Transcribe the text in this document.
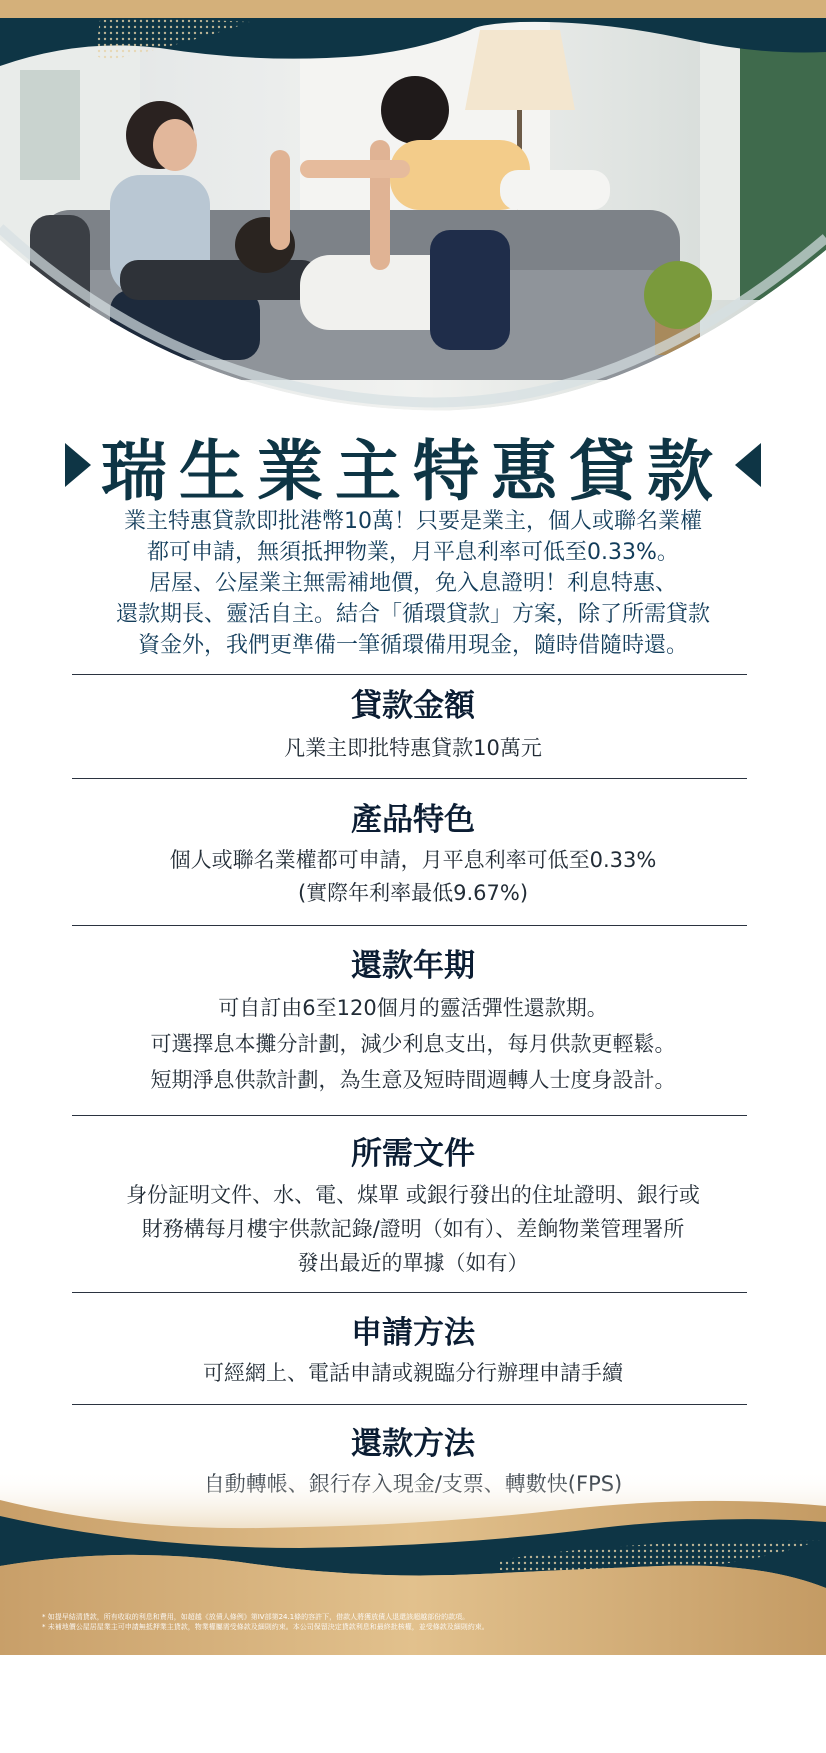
瑞生業主特惠貸款
業主特惠貸款即批港幣10萬！只要是業主，個人或聯名業權
都可申請，無須抵押物業，月平息利率可低至0.33%。
居屋、公屋業主無需補地價，免入息證明！利息特惠、
還款期長、靈活自主。結合「循環貸款」方案，除了所需貸款
資金外，我們更準備一筆循環備用現金，隨時借隨時還。
貸款金額
凡業主即批特惠貸款10萬元
產品特色
個人或聯名業權都可申請，月平息利率可低至0.33%
(實際年利率最低9.67%)
還款年期
可自訂由6至120個月的靈活彈性還款期。
可選擇息本攤分計劃，減少利息支出，每月供款更輕鬆。
短期淨息供款計劃，為生意及短時間週轉人士度身設計。
所需文件
身份証明文件、水、電、煤單 或銀行發出的住址證明、銀行或
財務構每月樓宇供款記錄/證明（如有）、差餉物業管理署所
發出最近的單據（如有）
申請方法
可經網上、電話申請或親臨分行辦理申請手續
還款方法
* 如提早結清貸款，所有收取的利息和費用，如超越《放債人條例》第IV部第24.1條的容許下，借款人將獲放債人退還該超越部份的款項。
* 未補地價公屋居屋業主可申請無抵押業主貸款，物業權屬需受條款及細則約束。本公司保留決定貸款利息和最終批核權，並受條款及細則約束。
